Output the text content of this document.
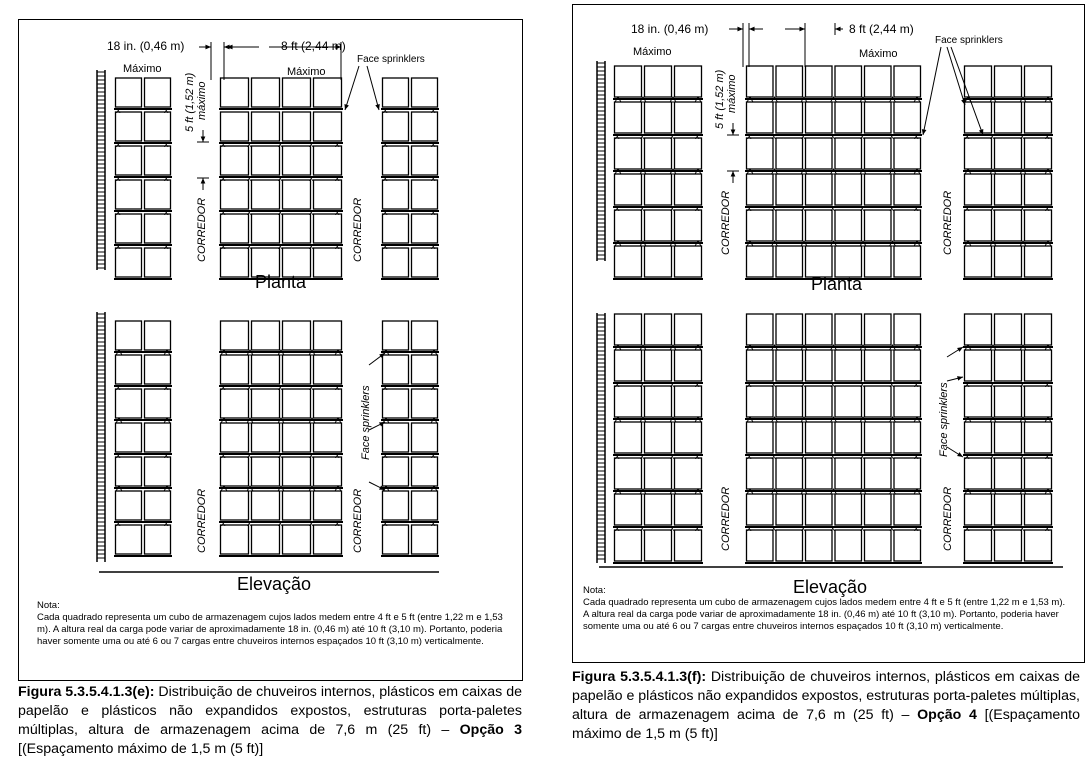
x	x
x	x
x	x
x	x
x	x
x x	x	x x
x x	x	x x
x x	x	x x
x x	x	x x
x	x
x	x
x	x
x	x
x	x
x	x
x	x
x	x
x x	x	x x
x x	x	x x
x x	x	x x
x	x
x	x
x	x
18 in. (0,46 m)	8 ft (2,44 m)
Face sprinklers
Máximo	Máximo
5 ft (1,52 m) máximo
CORREDOR	CORREDOR
Planta
Face sprinklers
CORREDOR	CORREDOR
Elevação
Nota:
Cada quadrado representa um cubo de armazenagem cujos lados medem entre 4 ft e 5 ft (entre 1,22 m e 1,53 m). A altura real da carga pode variar de aproximadamente 18 in. (0,46 m) até 10 ft (3,10 m). Portanto, poderia haver somente uma ou até 6 ou 7 cargas entre chuveiros internos espaçados 10 ft (3,10 m) verticalmente.
Figura 5.3.5.4.1.3(e): Distribuição de chuveiros internos, plásticos em caixas de papelão e plásticos não expandidos expostos, estruturas porta-paletes múltiplas, altura de armazenagem acima de 7,6 m (25 ft) – Opção 3 [(Espaçamento máximo de 1,5 m (5 ft)]
x x	x x
x x	x x
x x	x	x	x	x x
x x	x	x	x	x x
x x	x x
x x	x x
x x	x x
x x	x x
x x	x x
x x	x	x	x	x x
x x	x	x	x	x x
x x	x	x	x	x x
x x	x x
x x	x x
x x	x x
18 in. (0,46 m)	8 ft (2,44 m)
Face sprinklers
Máximo	Máximo
5 ft (1,52 m) máximo
CORREDOR	CORREDOR
Planta
Face sprinklers
CORREDOR	CORREDOR
Elevação
Nota:
Cada quadrado representa um cubo de armazenagem cujos lados medem entre 4 ft e 5 ft (entre 1,22 m e 1,53 m). A altura real da carga pode variar de aproximadamente 18 in. (0,46 m) até 10 ft (3,10 m). Portanto, poderia haver somente uma ou até 6 ou 7 cargas entre chuveiros internos espaçados 10 ft (3,10 m) verticalmente.
Figura 5.3.5.4.1.3(f): Distribuição de chuveiros internos, plásticos em caixas de papelão e plásticos não expandidos expostos, estruturas porta-paletes múltiplas, altura de armazenagem acima de 7,6 m (25 ft) – Opção 4 [(Espaçamento máximo de 1,5 m (5 ft)]
